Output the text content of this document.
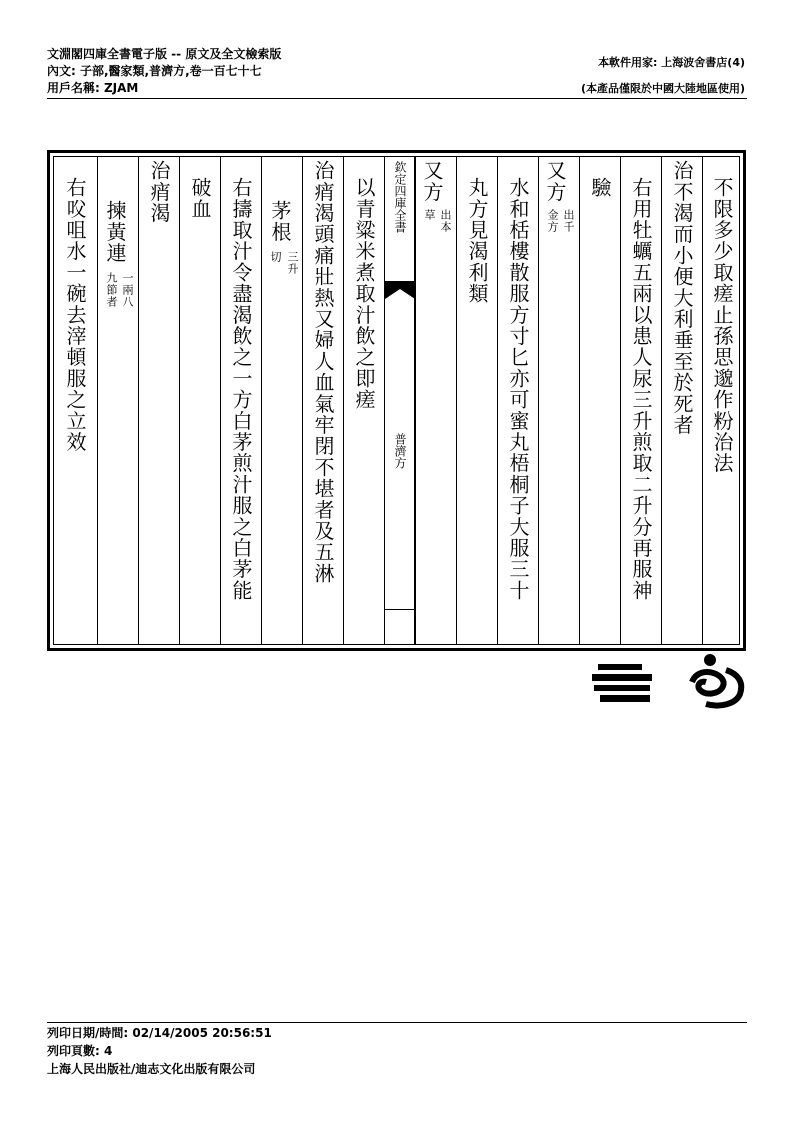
文淵閣四庫全書電子版 -- 原文及全文檢索版
內文: 子部,醫家類,普濟方,卷一百七十七
用戶名稱: ZJAM
本軟件用家: 上海波舍書店(4)
(本產品僅限於中國大陸地區使用)
不限多少取瘥止孫思邈作粉治法
治不渴而小便大利垂至於死者
右用牡蠣五兩以患人尿三升煎取二升分再服神
驗
又方
出千
金方
水和栝樓散服方寸匕亦可蜜丸梧桐子大服三十
丸方見渴利類
又方
出本
草
欽定四庫全書
普濟方
以青粱米煮取汁飲之即瘥
治痟渴頭痛壯熱又婦人血氣牢閉不堪者及五淋
茅根
三升
切
右擣取汁令盡渴飲之一方白茅煎汁服之白茅能
破血
治痟渴
揀黃連
一兩八
九節者
右㕮咀水一碗去滓頓服之立效
列印日期/時間: 02/14/2005 20:56:51
列印頁數: 4
上海人民出版社/迪志文化出版有限公司
